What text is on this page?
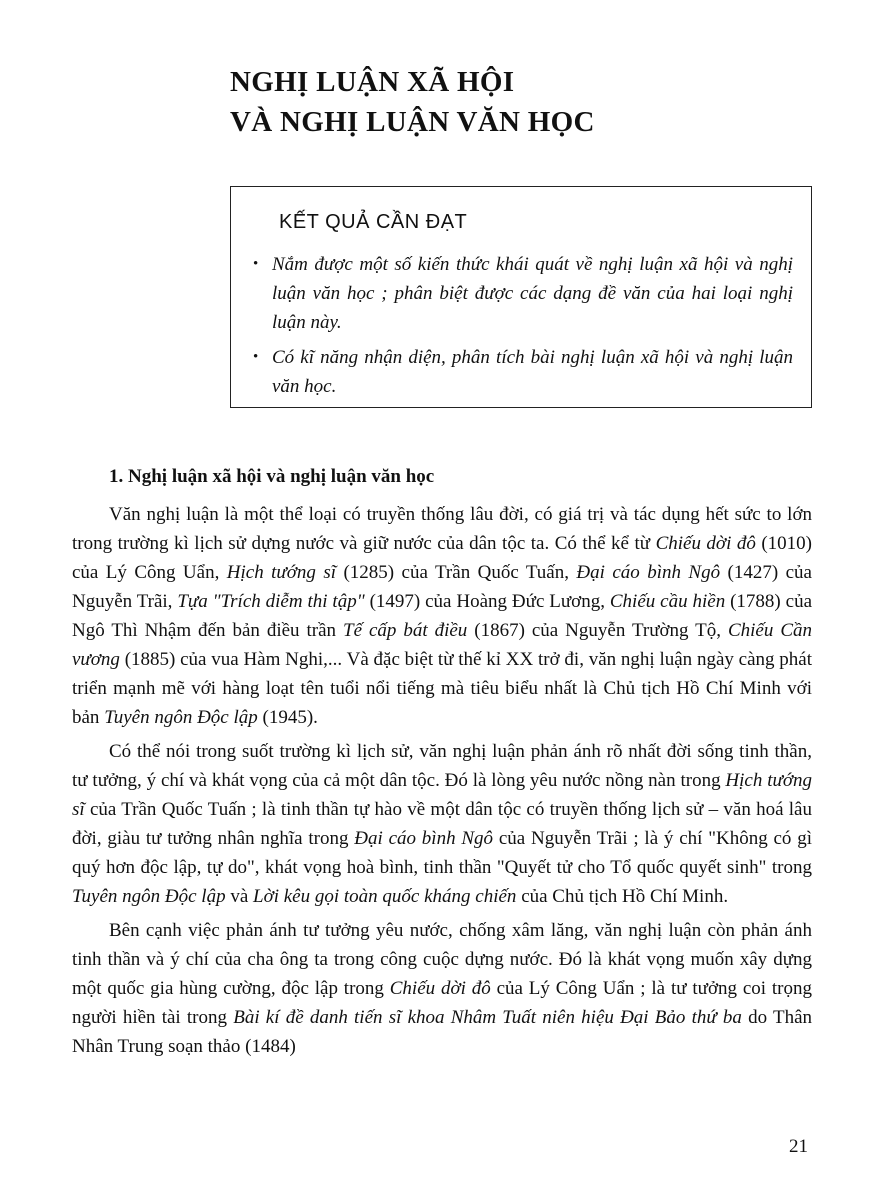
NGHỊ LUẬN XÃ HỘI
VÀ NGHỊ LUẬN VĂN HỌC
KẾT QUẢ CẦN ĐẠT
• Nắm được một số kiến thức khái quát về nghị luận xã hội và nghị luận văn học ; phân biệt được các dạng đề văn của hai loại nghị luận này.
• Có kĩ năng nhận diện, phân tích bài nghị luận xã hội và nghị luận văn học.
1. Nghị luận xã hội và nghị luận văn học

Văn nghị luận là một thể loại có truyền thống lâu đời, có giá trị và tác dụng hết sức to lớn trong trường kì lịch sử dựng nước và giữ nước của dân tộc ta. Có thể kể từ Chiếu dời đô (1010) của Lý Công Uẩn, Hịch tướng sĩ (1285) của Trần Quốc Tuấn, Đại cáo bình Ngô (1427) của Nguyễn Trãi, Tựa "Trích diễm thi tập" (1497) của Hoàng Đức Lương, Chiếu cầu hiền (1788) của Ngô Thì Nhậm đến bản điều trần Tế cấp bát điều (1867) của Nguyễn Trường Tộ, Chiếu Cần vương (1885) của vua Hàm Nghi,... Và đặc biệt từ thế kỉ XX trở đi, văn nghị luận ngày càng phát triển mạnh mẽ với hàng loạt tên tuổi nổi tiếng mà tiêu biểu nhất là Chủ tịch Hồ Chí Minh với bản Tuyên ngôn Độc lập (1945).

Có thể nói trong suốt trường kì lịch sử, văn nghị luận phản ánh rõ nhất đời sống tinh thần, tư tưởng, ý chí và khát vọng của cả một dân tộc. Đó là lòng yêu nước nồng nàn trong Hịch tướng sĩ của Trần Quốc Tuấn ; là tinh thần tự hào về một dân tộc có truyền thống lịch sử – văn hoá lâu đời, giàu tư tưởng nhân nghĩa trong Đại cáo bình Ngô của Nguyễn Trãi ; là ý chí "Không có gì quý hơn độc lập, tự do", khát vọng hoà bình, tinh thần "Quyết tử cho Tổ quốc quyết sinh" trong Tuyên ngôn Độc lập và Lời kêu gọi toàn quốc kháng chiến của Chủ tịch Hồ Chí Minh.

Bên cạnh việc phản ánh tư tưởng yêu nước, chống xâm lăng, văn nghị luận còn phản ánh tinh thần và ý chí của cha ông ta trong công cuộc dựng nước. Đó là khát vọng muốn xây dựng một quốc gia hùng cường, độc lập trong Chiếu dời đô của Lý Công Uẩn ; là tư tưởng coi trọng người hiền tài trong Bài kí đề danh tiến sĩ khoa Nhâm Tuất niên hiệu Đại Bảo thứ ba do Thân Nhân Trung soạn thảo (1484)

21
